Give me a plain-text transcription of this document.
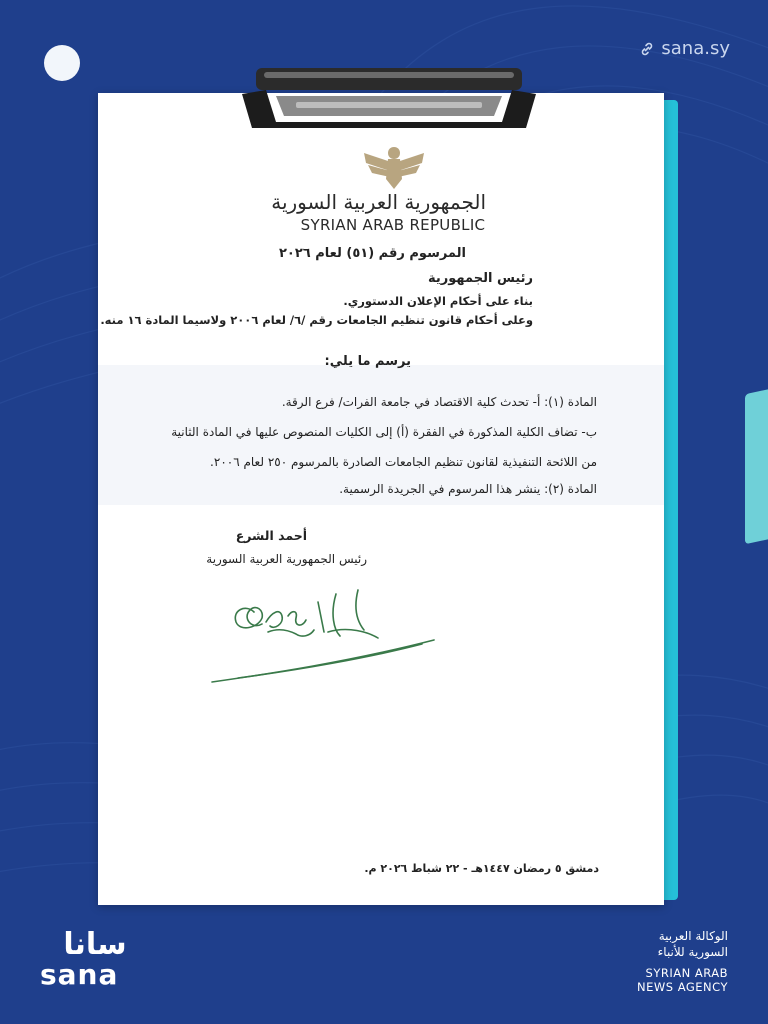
sana.sy
الجمهورية العربية السورية
SYRIAN ARAB REPUBLIC
المرسوم رقم (٥١) لعام ٢٠٢٦
رئيس الجمهورية
بناء على أحكام الإعلان الدستوري.
وعلى أحكام قانون تنظيم الجامعات رقم /٦/ لعام ٢٠٠٦ ولاسيما المادة ١٦ منه.
يرسم ما يلي:
المادة (١): أ- تحدث كلية الاقتصاد في جامعة الفرات/ فرع الرقة.
ب- تضاف الكلية المذكورة في الفقرة (أ) إلى الكليات المنصوص عليها في المادة الثانية
من اللائحة التنفيذية لقانون تنظيم الجامعات الصادرة بالمرسوم ٢٥٠ لعام ٢٠٠٦.
المادة (٢): ينشر هذا المرسوم في الجريدة الرسمية.
أحمد الشرع
رئيس الجمهورية العربية السورية
دمشق ٥ رمضان ١٤٤٧هـ - ٢٢ شباط ٢٠٢٦ م.
سانا
sana
الوكالة العربية
السورية للأنباء
SYRIAN ARAB
NEWS AGENCY
